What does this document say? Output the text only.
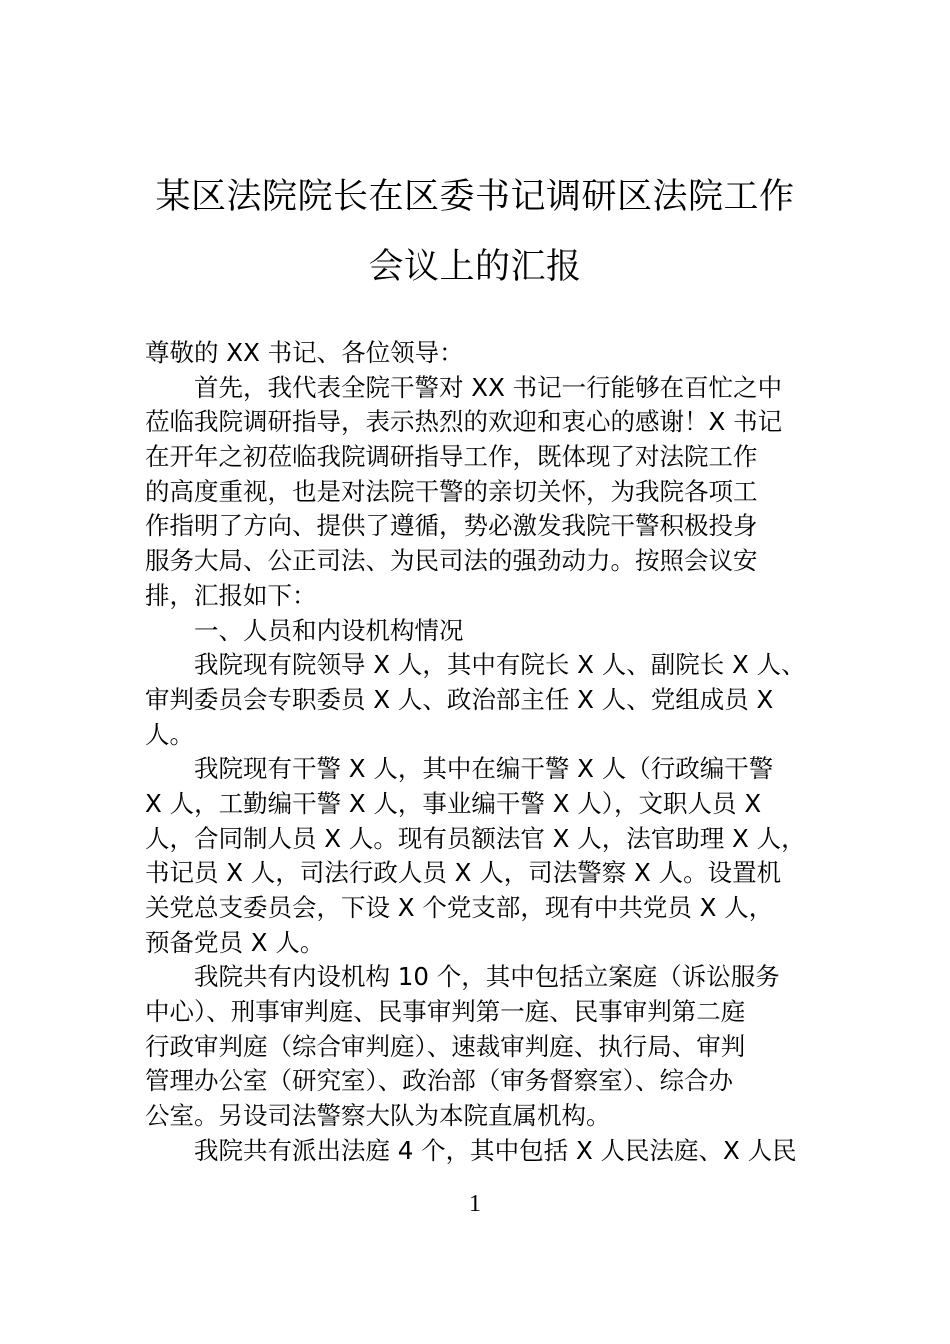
某区法院院长在区委书记调研区法院工作
会议上的汇报
尊敬的 XX 书记、各位领导：
首先，我代表全院干警对 XX 书记一行能够在百忙之中
莅临我院调研指导，表示热烈的欢迎和衷心的感谢！X 书记
在开年之初莅临我院调研指导工作，既体现了对法院工作
的高度重视，也是对法院干警的亲切关怀，为我院各项工
作指明了方向、提供了遵循，势必激发我院干警积极投身
服务大局、公正司法、为民司法的强劲动力。按照会议安
排，汇报如下：
一、人员和内设机构情况
我院现有院领导 X 人，其中有院长 X 人、副院长 X 人、
审判委员会专职委员 X 人、政治部主任 X 人、党组成员 X
人。
我院现有干警 X 人，其中在编干警 X 人（行政编干警
X 人，工勤编干警 X 人，事业编干警 X 人），文职人员 X
人，合同制人员 X 人。现有员额法官 X 人，法官助理 X 人，
书记员 X 人，司法行政人员 X 人，司法警察 X 人。设置机
关党总支委员会，下设 X 个党支部，现有中共党员 X 人，
预备党员 X 人。
我院共有内设机构 10 个，其中包括立案庭（诉讼服务
中心）、刑事审判庭、民事审判第一庭、民事审判第二庭
行政审判庭（综合审判庭）、速裁审判庭、执行局、审判
管理办公室（研究室）、政治部（审务督察室）、综合办
公室。另设司法警察大队为本院直属机构。
我院共有派出法庭 4 个，其中包括 X 人民法庭、X 人民
1
